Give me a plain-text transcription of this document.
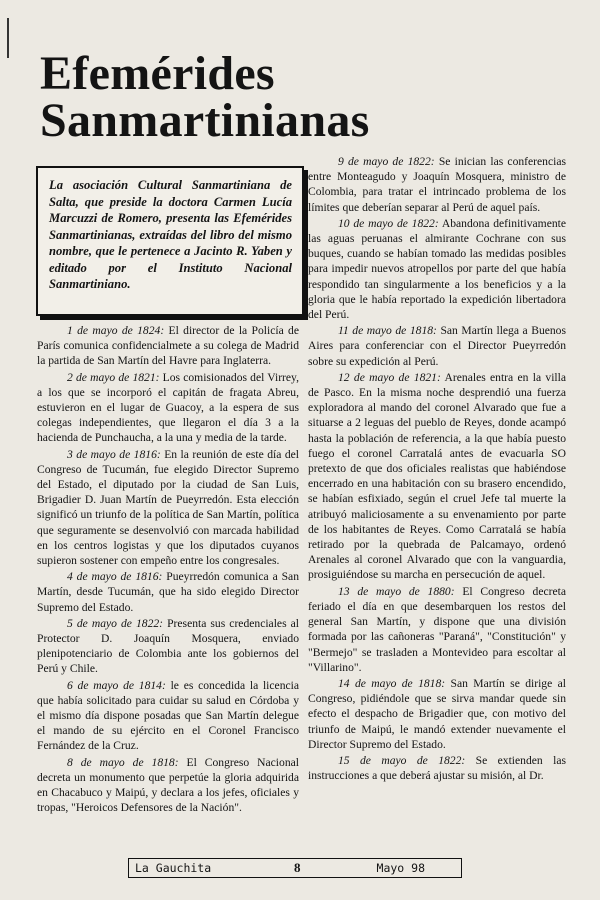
Efemérides
Sanmartinianas

La asociación Cultural Sanmartiniana de Salta, que preside la doctora Carmen Lucía Marcuzzi de Romero, presenta las Efemérides Sanmartinianas, extraídas del libro del mismo nombre, que le pertenece a Jacinto R. Yaben y editado por el Instituto Nacional Sanmartiniano.

1 de mayo de 1824: El director de la Policía de París comunica confidencialmete a su colega de Madrid la partida de San Martín del Havre para Inglaterra.

2 de mayo de 1821: Los comisionados del Virrey, a los que se incorporó el capitán de fragata Abreu, estuvieron en el lugar de Guacoy, a la espera de sus colegas independientes, que llegaron el día 3 a la hacienda de Punchaucha, a la una y media de la tarde.

3 de mayo de 1816: En la reunión de este día del Congreso de Tucumán, fue elegido Director Supremo del Estado, el diputado por la ciudad de San Luis, Brigadier D. Juan Martín de Pueyrredón. Esta elección significó un triunfo de la política de San Martín, política que seguramente se desenvolvió con marcada habilidad en los centros logistas y que los diputados cuyanos supieron sostener con empeño entre los congresales.

4 de mayo de 1816: Pueyrredón comunica a San Martín, desde Tucumán, que ha sido elegido Director Supremo del Estado.

5 de mayo de 1822: Presenta sus credenciales al Protector D. Joaquín Mosquera, enviado plenipotenciario de Colombia ante los gobiernos del Perú y Chile.

6 de mayo de 1814: le es concedida la licencia que había solicitado para cuidar su salud en Córdoba y el mismo día dispone posadas que San Martín delegue el mando de su ejército en el Coronel Francisco Fernández de la Cruz.

8 de mayo de 1818: El Congreso Nacional decreta un monumento que perpetúe la gloria adquirida en Chacabuco y Maipú, y declara a los jefes, oficiales y tropas, "Heroicos Defensores de la Nación".

9 de mayo de 1822: Se inician las conferencias entre Monteagudo y Joaquín Mosquera, ministro de Colombia, para tratar el intrincado problema de los límites que deberían separar al Perú de aquel país.

10 de mayo de 1822: Abandona definitivamente las aguas peruanas el almirante Cochrane con sus buques, cuando se habían tomado las medidas posibles para impedir nuevos atropellos por parte del que había respondido tan singularmente a los beneficios y a la gloria que le había reportado la expedición libertadora del Perú.

11 de mayo de 1818: San Martín llega a Buenos Aires para conferenciar con el Director Pueyrredón sobre su expedición al Perú.

12 de mayo de 1821: Arenales entra en la villa de Pasco. En la misma noche desprendió una fuerza exploradora al mando del coronel Alvarado que fue a situarse a 2 leguas del pueblo de Reyes, donde acampó hasta la población de referencia, a la que había puesto fuego el coronel Carratalá antes de evacuarla SO pretexto de que dos oficiales realistas que habiéndose encerrado en una habitación con su brasero encendido, se habían esfixiado, según el cruel Jefe tal muerte la atribuyó maliciosamente a su envenamiento por parte de los habitantes de Reyes. Como Carratalá se había retirado por la quebrada de Palcamayo, ordenó Arenales al coronel Alvarado que con la vanguardia, prosiguiéndose su marcha en persecución de aquel.

13 de mayo de 1880: El Congreso decreta feriado el día en que desembarquen los restos del general San Martín, y dispone que una división formada por las cañoneras "Paraná", "Constitución" y "Bermejo" se trasladen a Montevideo para escoltar al "Villarino".

14 de mayo de 1818: San Martín se dirige al Congreso, pidiéndole que se sirva mandar quede sin efecto el despacho de Brigadier que, con motivo del triunfo de Maipú, le mandó extender nuevamente el Director Supremo del Estado.

15 de mayo de 1822: Se extienden las instrucciones a que deberá ajustar su misión, al Dr.

La Gauchita	8	Mayo 98
